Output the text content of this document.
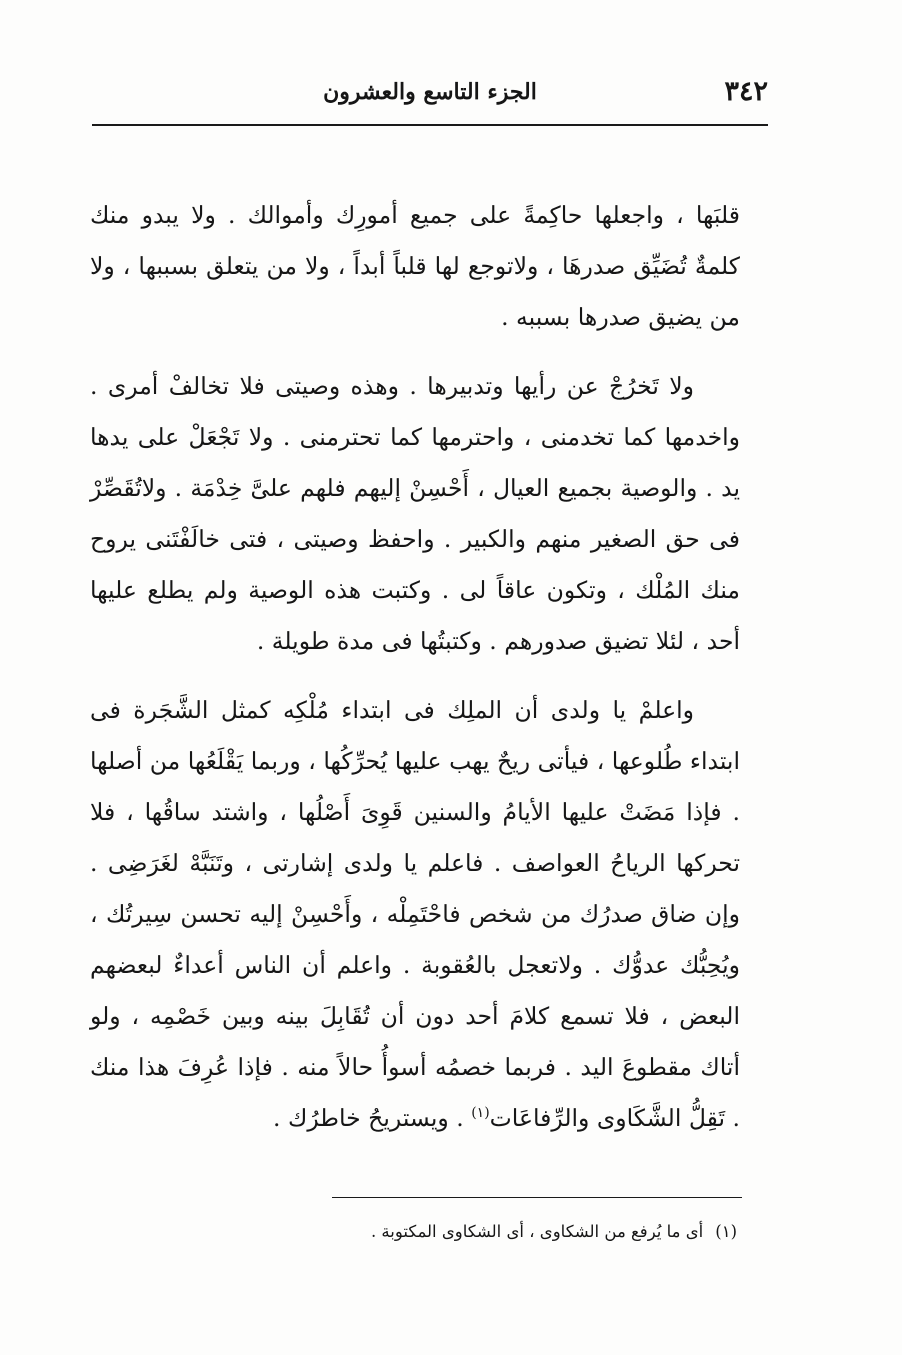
٣٤٢
الجزء التاسع والعشرون

قلبَها ، واجعلها حاكِمةً على جميع أمورِك وأموالك . ولا يبدو منك كلمةٌ تُضَيِّق صدرهَا ، ولاتوجع لها قلباً أبداً ، ولا من يتعلق بسببها ، ولا من يضيق صدرها بسببه .

ولا تَخرُجْ عن رأيها وتدبيرها . وهذه وصيتى فلا تخالفْ أمرى . واخدمها كما تخدمنى ، واحترمها كما تحترمنى . ولا تَجْعَلْ على يدها يد . والوصية بجميع العيال ، أَحْسِنْ إليهم فلهم علىَّ خِدْمَة . ولاتُقَصِّرْ فى حق الصغير منهم والكبير . واحفظ وصيتى ، فتى خالَفْتَنى يروح منك المُلْك ، وتكون عاقاً لى . وكتبت هذه الوصية ولم يطلع عليها أحد ، لئلا تضيق صدورهم . وكتبتُها فى مدة طويلة .

واعلمْ يا ولدى أن الملِك فى ابتداء مُلْكِه كمثل الشَّجَرة فى ابتداء طُلوعها ، فيأتى ريحٌ يهب عليها يُحرِّكُها ، وربما يَقْلَعُها من أصلها . فإذا مَضَتْ عليها الأيامُ والسنين قَوِىَ أَصْلُها ، واشتد ساقُها ، فلا تحركها الرياحُ العواصف . فاعلم يا ولدى إشارتى ، وتَنَبَّهْ لغَرَضِى . وإن ضاق صدرُك من شخص فاحْتَمِلْه ، وأَحْسِنْ إليه تحسن سِيرتُك ، ويُحِبُّك عدوُّك . ولاتعجل بالعُقوبة . واعلم أن الناس أعداءٌ لبعضهم البعض ، فلا تسمع كلامَ أحد دون أن تُقَابِلَ بينه وبين خَصْمِه ، ولو أتاك مقطوعَ اليد . فربما خصمُه أسوأُ حالاً منه . فإذا عُرِفَ هذا منك . تَقِلُّ الشَّكَاوى والرِّفاعَات$^{(١)}$ . ويستريحُ خاطرُك .

(١)أى ما يُرفع من الشكاوى ، أى الشكاوى المكتوبة .
